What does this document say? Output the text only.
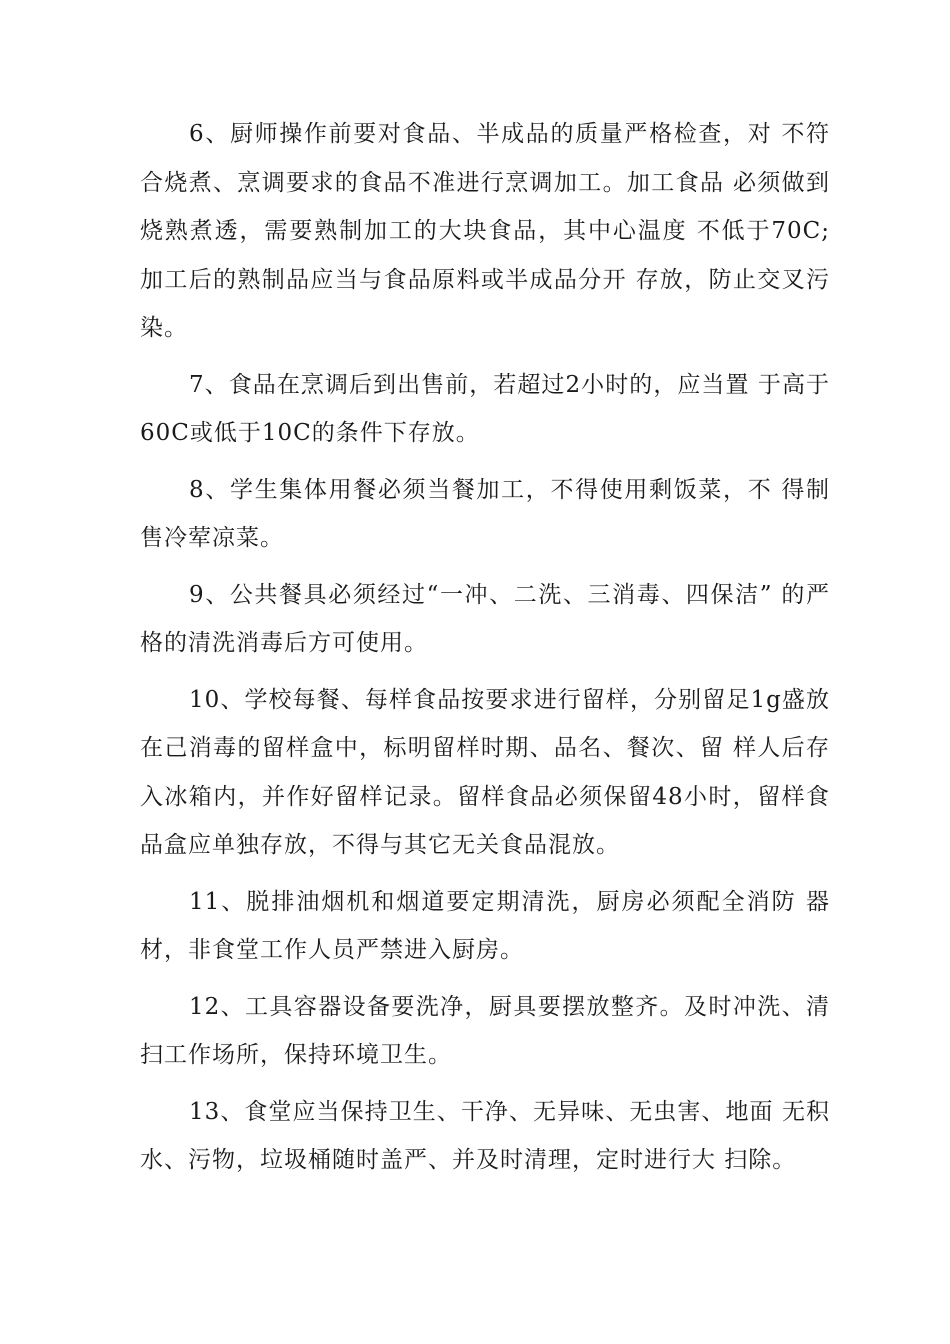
6、厨师操作前要对食品、半成品的质量严格检查，对 不符合烧煮、烹调要求的食品不准进行烹调加工。加工食品 必须做到烧熟煮透，需要熟制加工的大块食品，其中心温度 不低于70C;加工后的熟制品应当与食品原料或半成品分开 存放，防止交叉污染。

7、食品在烹调后到出售前，若超过2小时的，应当置 于高于60C或低于10C的条件下存放。

8、学生集体用餐必须当餐加工，不得使用剩饭菜，不 得制售冷荤凉菜。

9、公共餐具必须经过“一冲、二洗、三消毒、四保洁” 的严格的清洗消毒后方可使用。

10、学校每餐、每样食品按要求进行留样，分别留足1g盛放在己消毒的留样盒中，标明留样时期、品名、餐次、留 样人后存入冰箱内，并作好留样记录。留样食品必须保留48小时，留样食品盒应单独存放，不得与其它无关食品混放。

11、脱排油烟机和烟道要定期清洗，厨房必须配全消防 器材，非食堂工作人员严禁进入厨房。

12、工具容器设备要洗净，厨具要摆放整齐。及时冲洗、清扫工作场所，保持环境卫生。

13、食堂应当保持卫生、干净、无异味、无虫害、地面 无积水、污物，垃圾桶随时盖严、并及时清理，定时进行大 扫除。
